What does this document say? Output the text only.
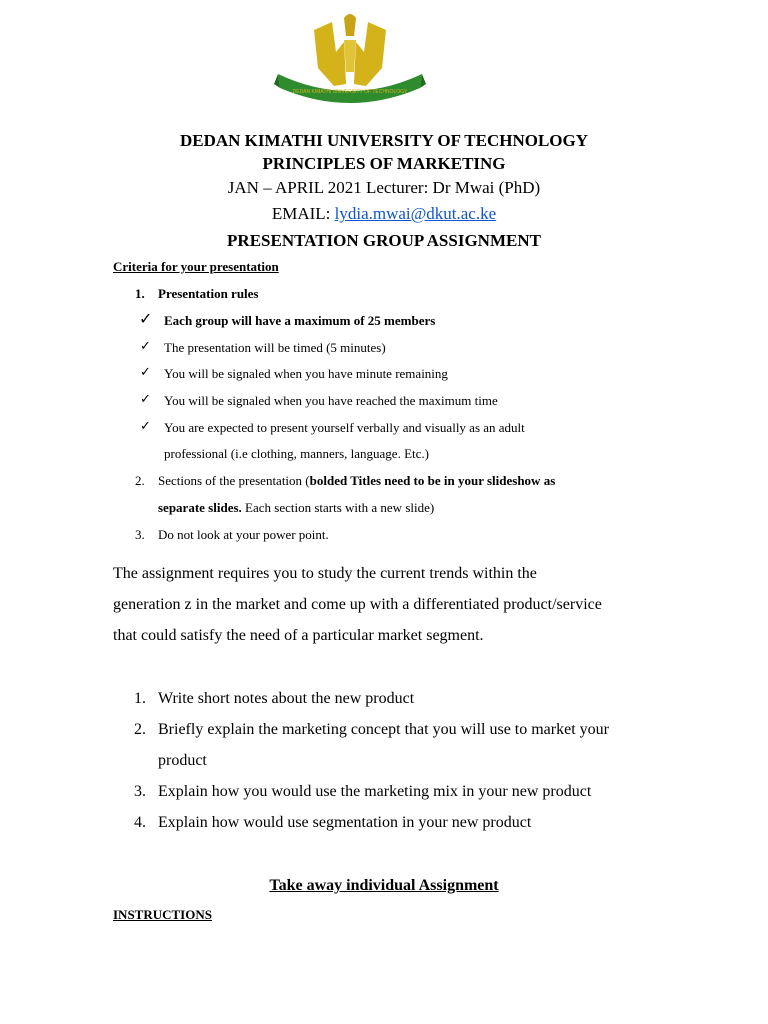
DEDAN KIMATHI UNIVERSITY OF TECHNOLOGY
DEDAN KIMATHI UNIVERSITY OF TECHNOLOGY
PRINCIPLES OF MARKETING
JAN – APRIL 2021 Lecturer: Dr Mwai (PhD)
EMAIL: lydia.mwai@dkut.ac.ke
PRESENTATION GROUP ASSIGNMENT
Criteria for your presentation
1. Presentation rules
✓ Each group will have a maximum of 25 members
✓ The presentation will be timed (5 minutes)
✓ You will be signaled when you have minute remaining
✓ You will be signaled when you have reached the maximum time
✓ You are expected to present yourself verbally and visually as an adult
professional (i.e clothing, manners, language. Etc.)
2. Sections of the presentation (bolded Titles need to be in your slideshow as
separate slides. Each section starts with a new slide)
3. Do not look at your power point.
The assignment requires you to study the current trends within the
generation z in the market and come up with a differentiated product/service
that could satisfy the need of a particular market segment.
1. Write short notes about the new product
2. Briefly explain the marketing concept that you will use to market your
product
3. Explain how you would use the marketing mix in your new product
4. Explain how would use segmentation in your new product
Take away individual Assignment
INSTRUCTIONS
